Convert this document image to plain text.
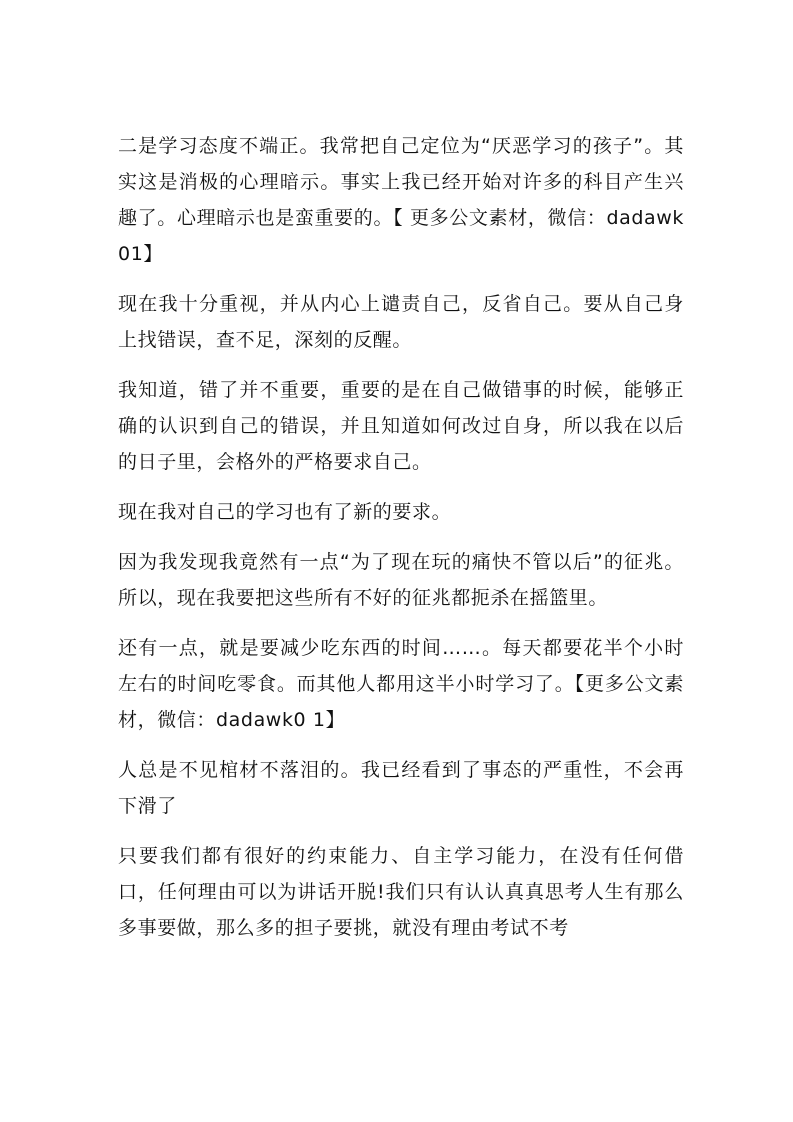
二是学习态度不端正。我常把自己定位为“厌恶学习的孩子”。其实这是消极的心理暗示。事实上我已经开始对许多的科目产生兴趣了。心理暗示也是蛮重要的。【 更多公文素材，微信：dadawk01】

现在我十分重视，并从内心上谴责自己，反省自己。要从自己身上找错误，查不足，深刻的反醒。

我知道，错了并不重要，重要的是在自己做错事的时候，能够正确的认识到自己的错误，并且知道如何改过自身，所以我在以后的日子里，会格外的严格要求自己。

现在我对自己的学习也有了新的要求。

因为我发现我竟然有一点“为了现在玩的痛快不管以后”的征兆。所以，现在我要把这些所有不好的征兆都扼杀在摇篮里。

还有一点，就是要减少吃东西的时间……。每天都要花半个小时左右的时间吃零食。而其他人都用这半小时学习了。【更多公文素材，微信：dadawk0 1】

人总是不见棺材不落泪的。我已经看到了事态的严重性，不会再下滑了

只要我们都有很好的约束能力、自主学习能力，在没有任何借口，任何理由可以为讲话开脱!我们只有认认真真思考人生有那么多事要做，那么多的担子要挑，就没有理由考试不考
